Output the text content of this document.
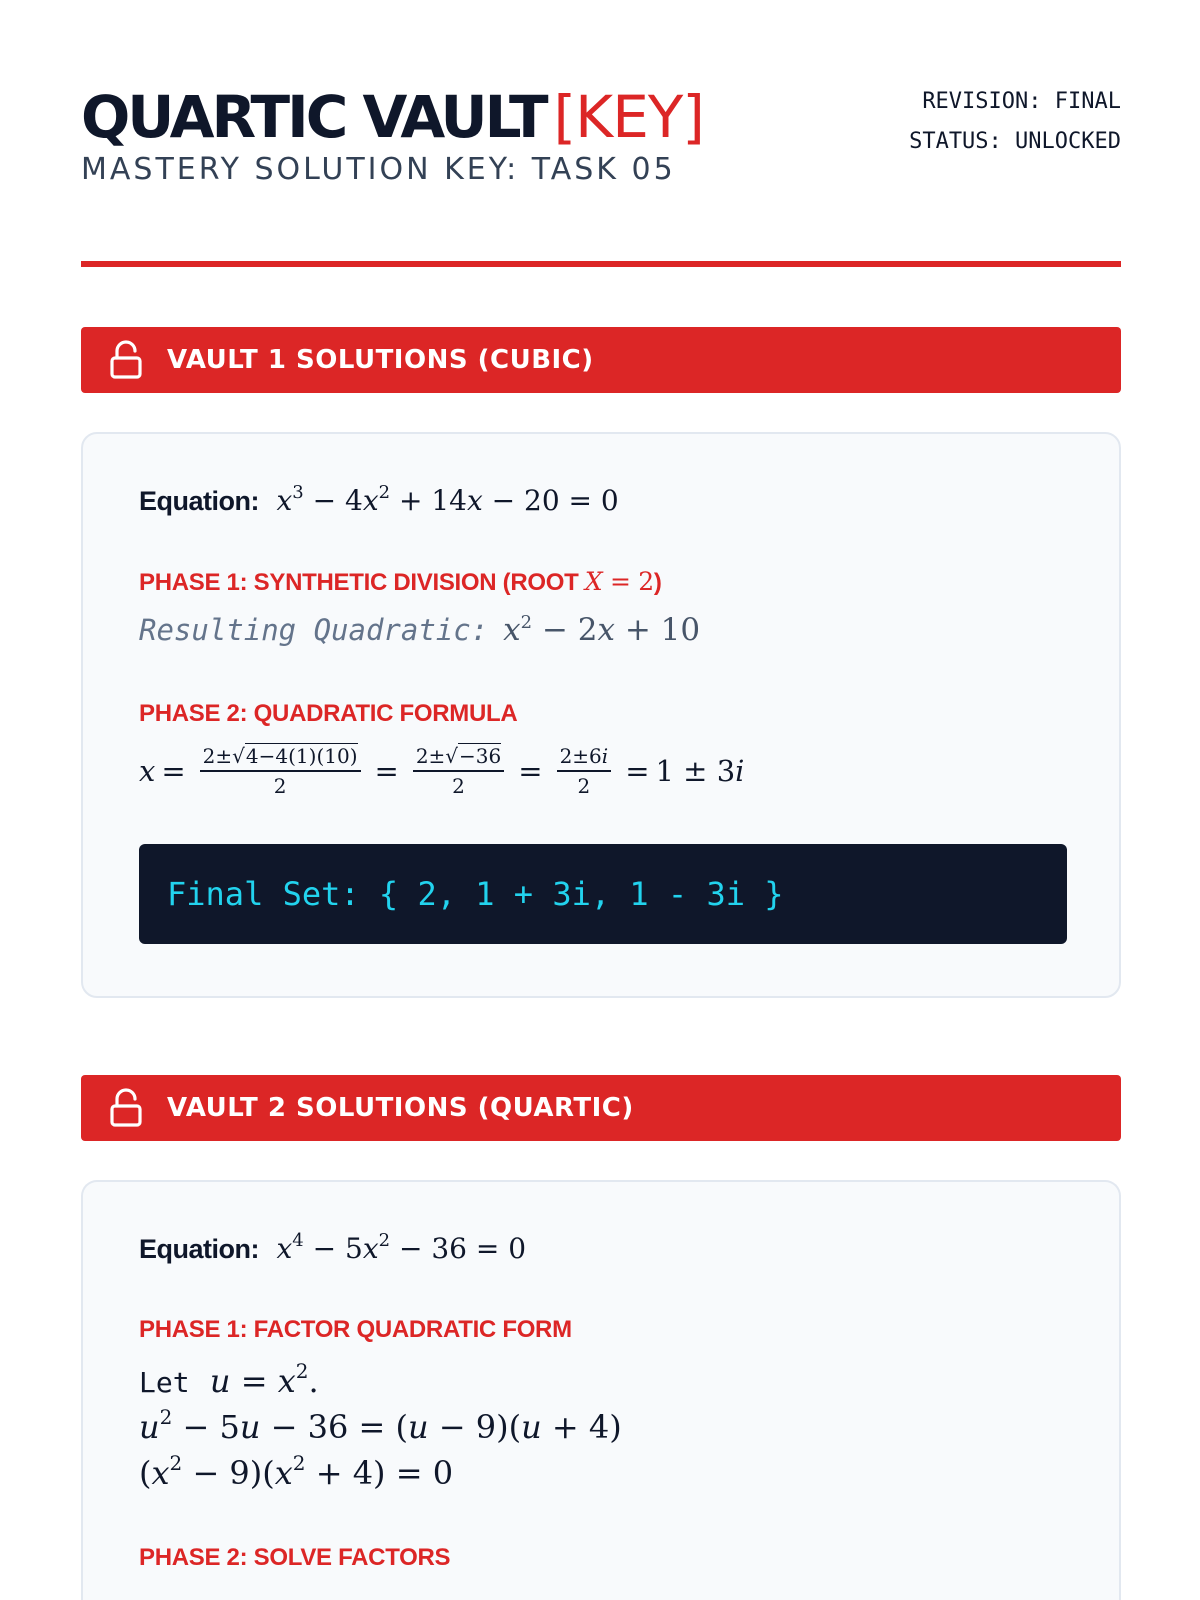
QUARTIC VAULT [KEY]
MASTERY SOLUTION KEY: TASK 05
REVISION: FINAL
STATUS: UNLOCKED
VAULT 1 SOLUTIONS (CUBIC)
Equation: $x^3 - 4x^2 + 14x - 20 = 0$
PHASE 1: SYNTHETIC DIVISION (ROOT X = 2)
Resulting Quadratic: $x^2 - 2x + 10$
PHASE 2: QUADRATIC FORMULA
$x = \frac{2\pm√4-4(1)(10)}{2} = \frac{2\pm√-36}{2} = \frac{2\pm 6i}{2} = 1 \pm 3$ i
Final Set: { 2, 1 + 3i, 1 - 3i }
VAULT 2 SOLUTIONS (QUARTIC)
Equation: $x^4 - 5x^2 - 36 = 0$
PHASE 1: FACTOR QUADRATIC FORM
Let $u = x^2$.
$u^2 - 5u - 36 = (u - 9)(u + 4)$
$(x^2 - 9)(x^2 + 4) = 0$
PHASE 2: SOLVE FACTORS
